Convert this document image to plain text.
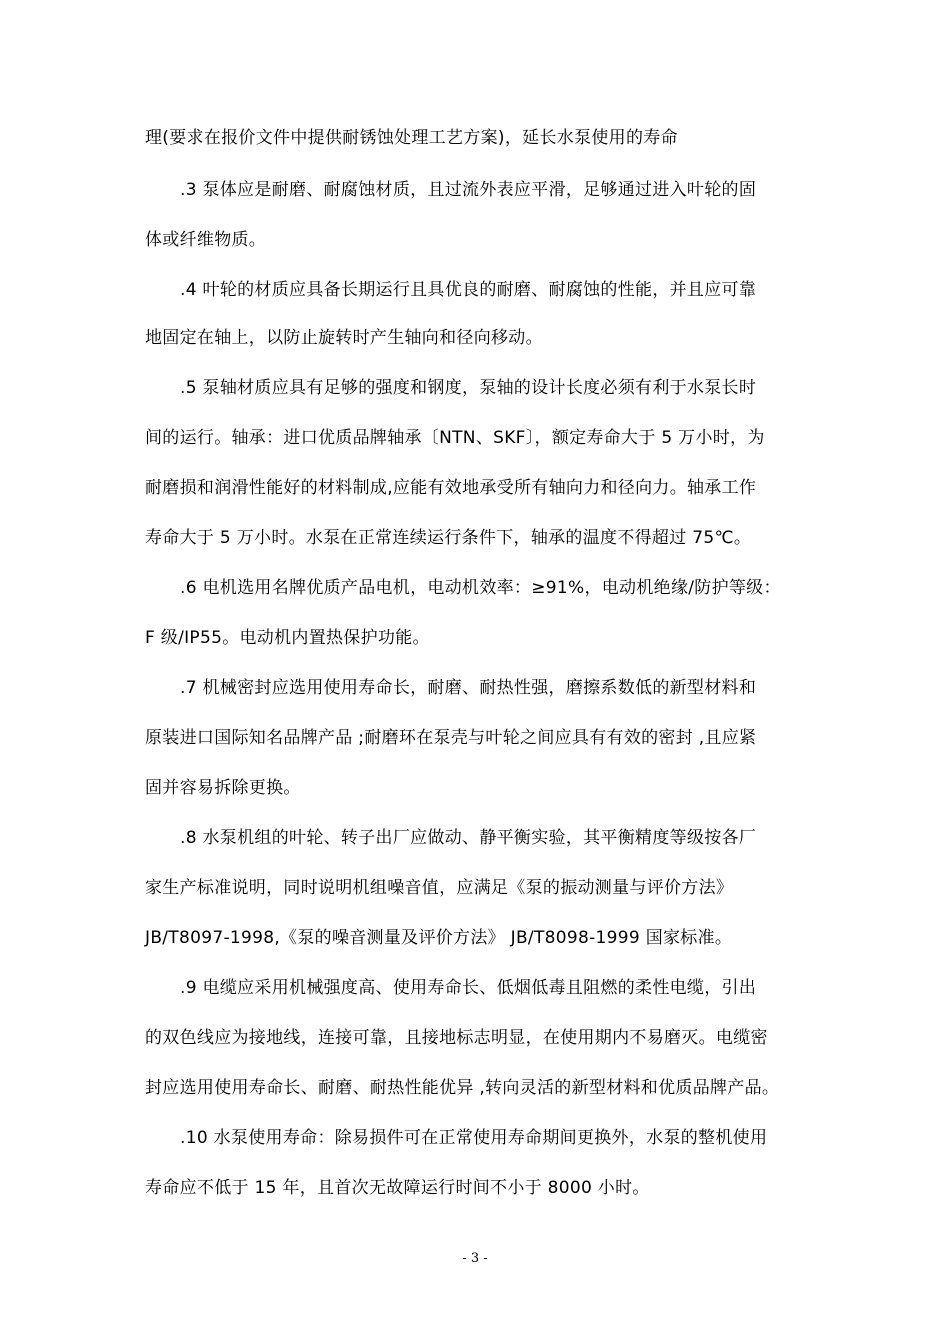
理(要求在报价文件中提供耐锈蚀处理工艺方案)，延长水泵使用的寿命
.3 泵体应是耐磨、耐腐蚀材质，且过流外表应平滑，足够通过进入叶轮的固
体或纤维物质。
.4 叶轮的材质应具备长期运行且具优良的耐磨、耐腐蚀的性能，并且应可靠
地固定在轴上，以防止旋转时产生轴向和径向移动。
.5 泵轴材质应具有足够的强度和钢度，泵轴的设计长度必须有利于水泵长时
间的运行。轴承：进口优质品牌轴承〔NTN、SKF〕，额定寿命大于 5 万小时，为
耐磨损和润滑性能好的材料制成,应能有效地承受所有轴向力和径向力。轴承工作
寿命大于 5 万小时。水泵在正常连续运行条件下，轴承的温度不得超过 75℃。
.6 电机选用名牌优质产品电机，电动机效率：≥91%，电动机绝缘/防护等级：
F 级/IP55。电动机内置热保护功能。
.7 机械密封应选用使用寿命长，耐磨、耐热性强，磨擦系数低的新型材料和
原装进口国际知名品牌产品 ;耐磨环在泵壳与叶轮之间应具有有效的密封 ,且应紧
固并容易拆除更换。
.8 水泵机组的叶轮、转子出厂应做动、静平衡实验，其平衡精度等级按各厂
家生产标准说明，同时说明机组噪音值，应满足《泵的振动测量与评价方法》
JB/T8097-1998,《泵的噪音测量及评价方法》 JB/T8098-1999 国家标准。
.9 电缆应采用机械强度高、使用寿命长、低烟低毒且阻燃的柔性电缆，引出
的双色线应为接地线，连接可靠，且接地标志明显，在使用期内不易磨灭。电缆密
封应选用使用寿命长、耐磨、耐热性能优异 ,转向灵活的新型材料和优质品牌产品。
.10 水泵使用寿命：除易损件可在正常使用寿命期间更换外，水泵的整机使用
寿命应不低于 15 年，且首次无故障运行时间不小于 8000 小时。
- 3 -
